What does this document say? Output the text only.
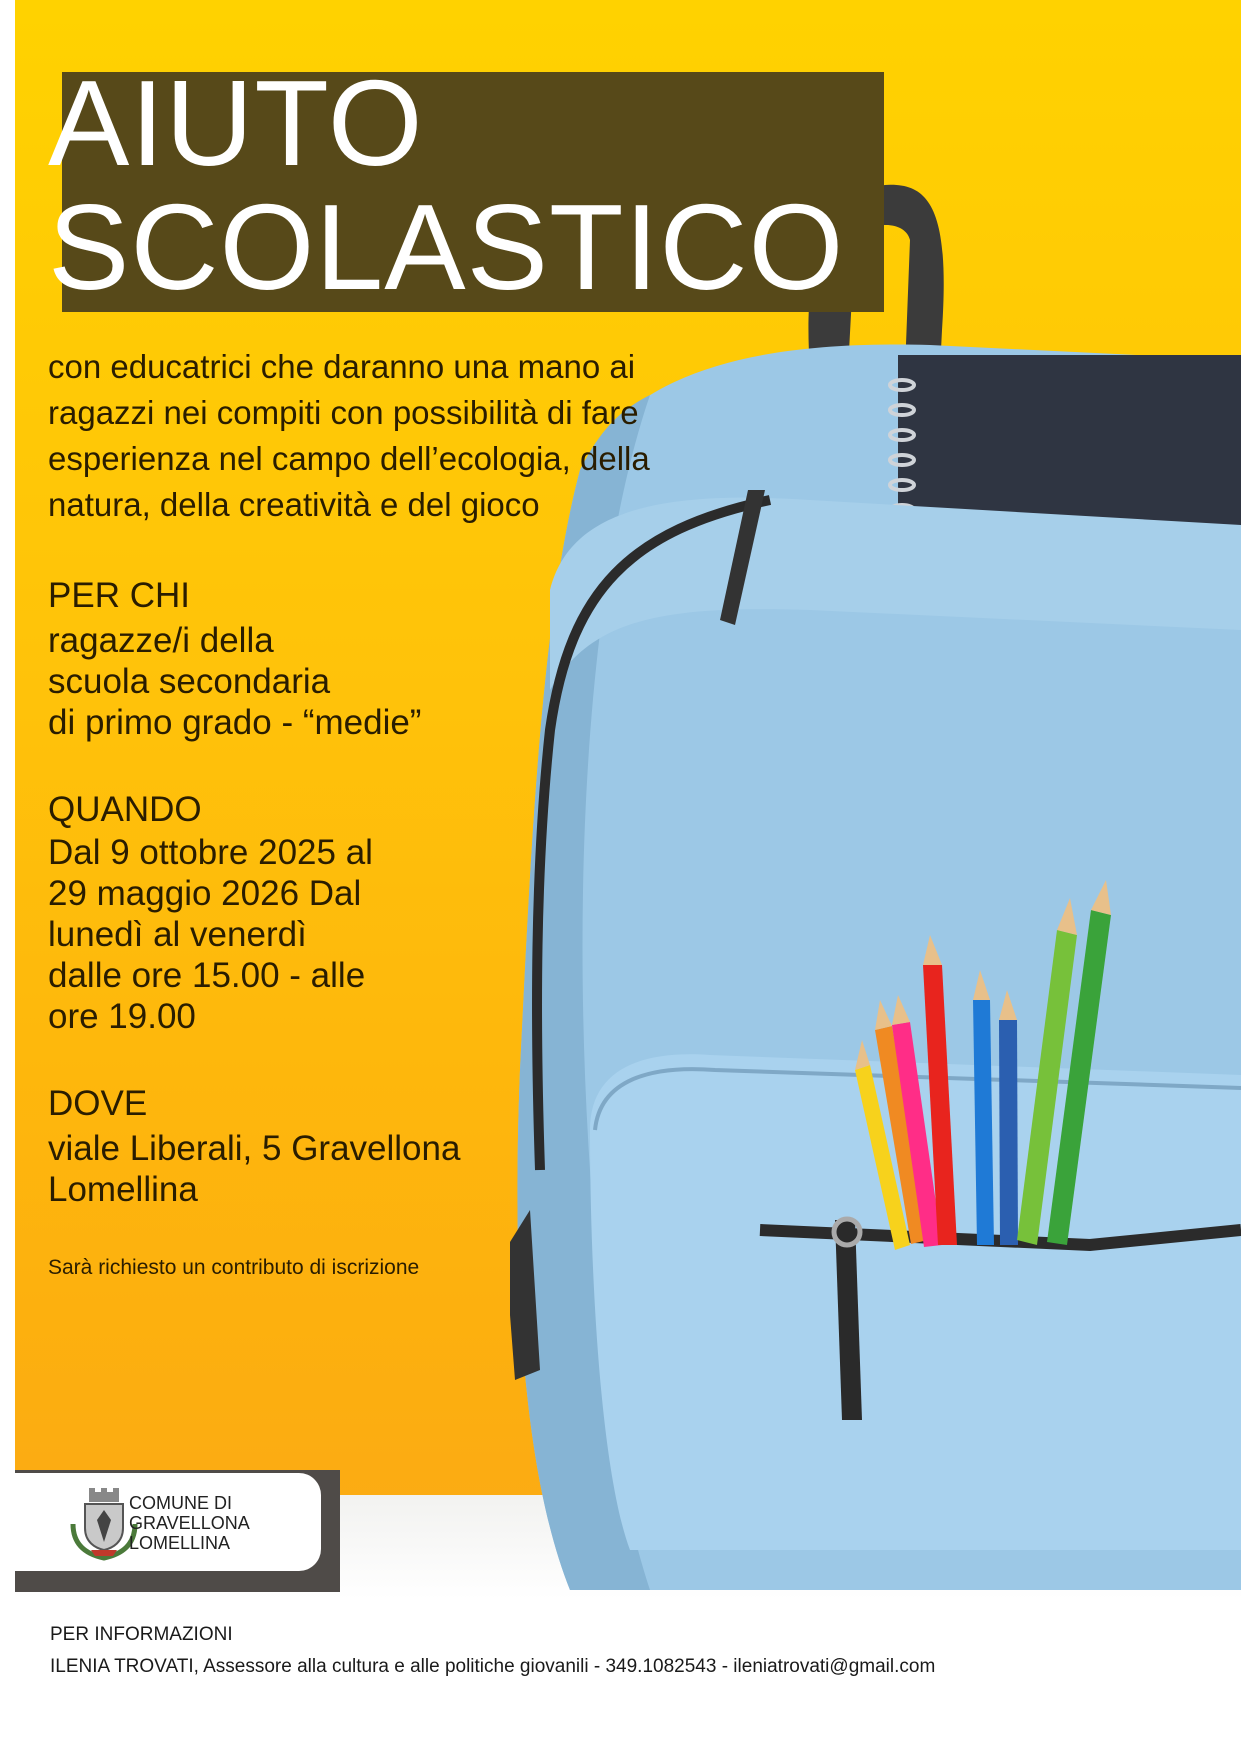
AIUTO
SCOLASTICO
con educatrici che daranno una mano ai
ragazzi nei compiti con possibilità di fare
esperienza nel campo dell’ecologia, della
natura, della creatività e del gioco
PER CHI
ragazze/i della
scuola secondaria
di primo grado - “medie”
QUANDO
Dal 9 ottobre 2025 al
29 maggio 2026 Dal
lunedì al venerdì
dalle ore 15.00 - alle
ore 19.00
DOVE
viale Liberali, 5 Gravellona
Lomellina
Sarà richiesto un contributo di iscrizione
COMUNE DI
GRAVELLONA
LOMELLINA
PER INFORMAZIONI
ILENIA TROVATI, Assessore alla cultura e alle politiche giovanili - 349.1082543 - ileniatrovati@gmail.com
